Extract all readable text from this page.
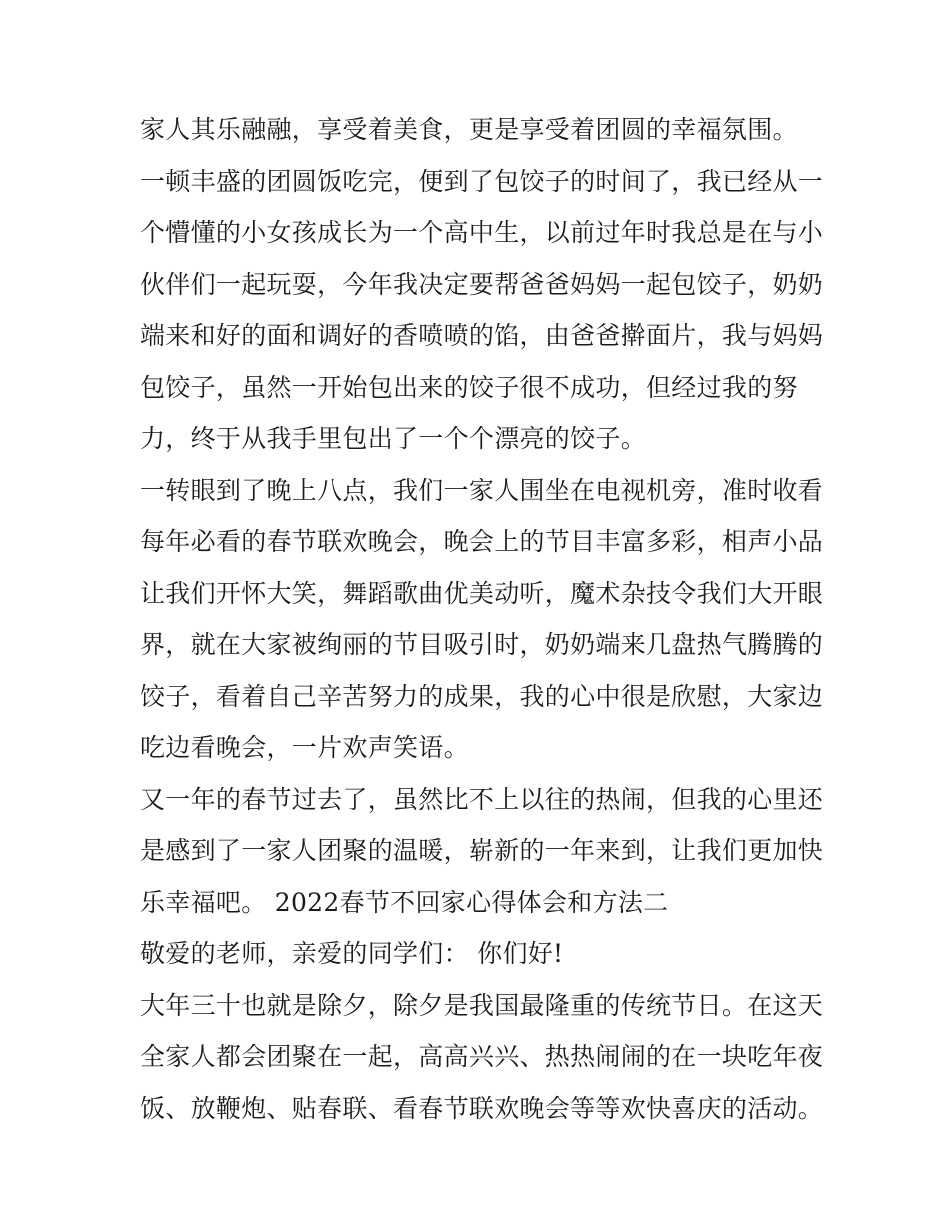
家人其乐融融，享受着美食，更是享受着团圆的幸福氛围。
一顿丰盛的团圆饭吃完，便到了包饺子的时间了，我已经从一
个懵懂的小女孩成长为一个高中生，以前过年时我总是在与小
伙伴们一起玩耍，今年我决定要帮爸爸妈妈一起包饺子，奶奶
端来和好的面和调好的香喷喷的馅，由爸爸擀面片，我与妈妈
包饺子，虽然一开始包出来的饺子很不成功，但经过我的努
力，终于从我手里包出了一个个漂亮的饺子。
一转眼到了晚上八点，我们一家人围坐在电视机旁，准时收看
每年必看的春节联欢晚会，晚会上的节目丰富多彩，相声小品
让我们开怀大笑，舞蹈歌曲优美动听，魔术杂技令我们大开眼
界，就在大家被绚丽的节目吸引时，奶奶端来几盘热气腾腾的
饺子，看着自己辛苦努力的成果，我的心中很是欣慰，大家边
吃边看晚会，一片欢声笑语。
又一年的春节过去了，虽然比不上以往的热闹，但我的心里还
是感到了一家人团聚的温暖，崭新的一年来到，让我们更加快
乐幸福吧。 2022春节不回家心得体会和方法二
敬爱的老师，亲爱的同学们： 你们好!
大年三十也就是除夕，除夕是我国最隆重的传统节日。在这天
全家人都会团聚在一起，高高兴兴、热热闹闹的在一块吃年夜
饭、放鞭炮、贴春联、看春节联欢晚会等等欢快喜庆的活动。
